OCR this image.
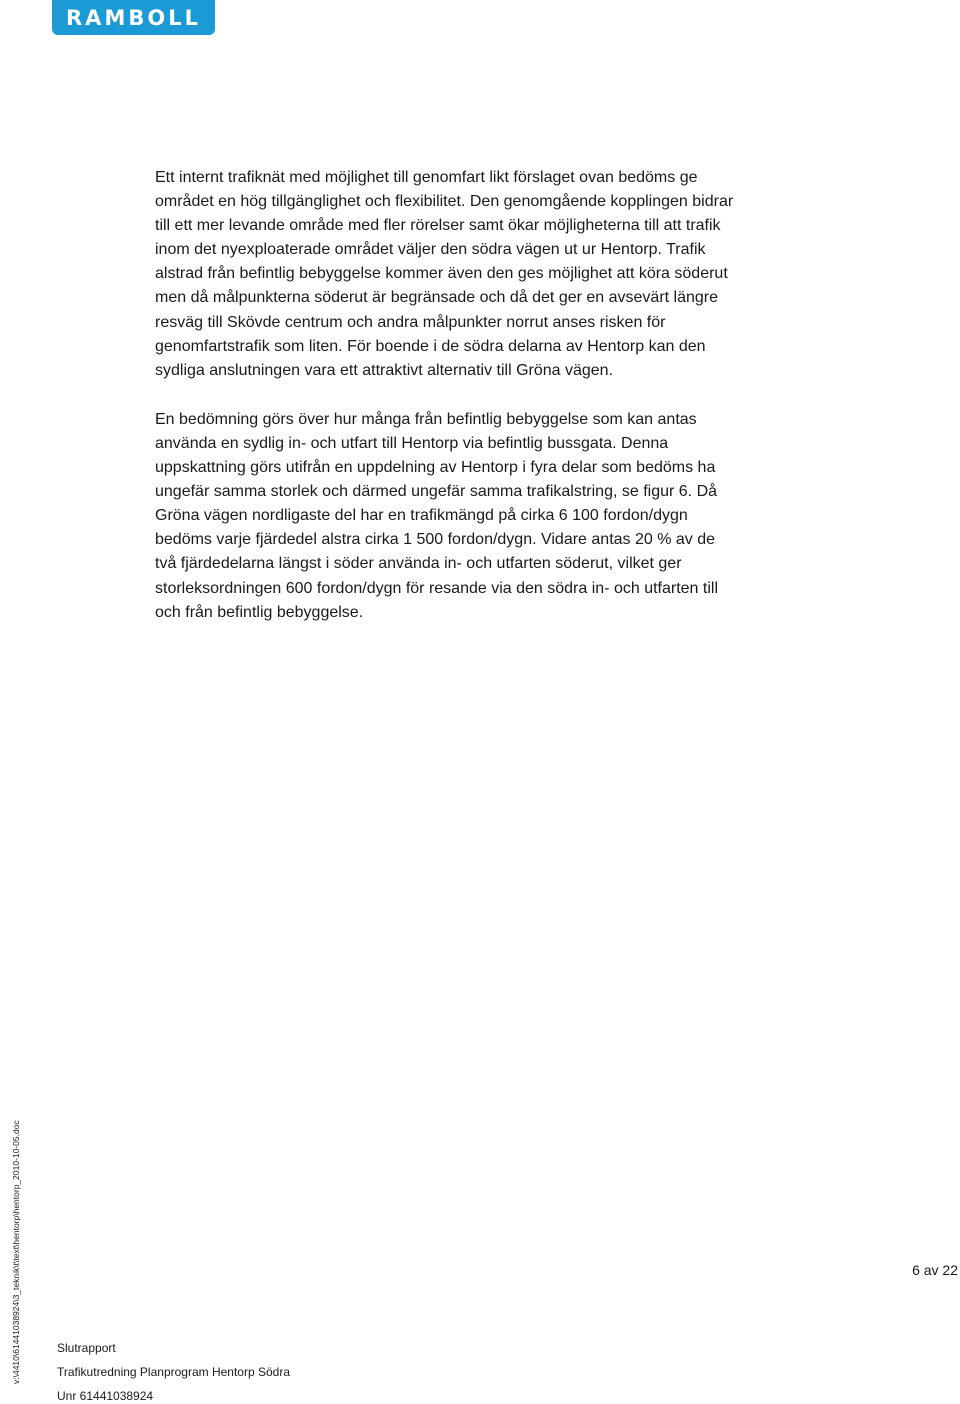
RAMBOLL

Ett internt trafiknät med möjlighet till genomfart likt förslaget ovan bedöms ge
området en hög tillgänglighet och flexibilitet. Den genomgående kopplingen bidrar
till ett mer levande område med fler rörelser samt ökar möjligheterna till att trafik
inom det nyexploaterade området väljer den södra vägen ut ur Hentorp. Trafik
alstrad från befintlig bebyggelse kommer även den ges möjlighet att köra söderut
men då målpunkterna söderut är begränsade och då det ger en avsevärt längre
resväg till Skövde centrum och andra målpunkter norrut anses risken för
genomfartstrafik som liten. För boende i de södra delarna av Hentorp kan den
sydliga anslutningen vara ett attraktivt alternativ till Gröna vägen.

En bedömning görs över hur många från befintlig bebyggelse som kan antas
använda en sydlig in- och utfart till Hentorp via befintlig bussgata. Denna
uppskattning görs utifrån en uppdelning av Hentorp i fyra delar som bedöms ha
ungefär samma storlek och därmed ungefär samma trafikalstring, se figur 6. Då
Gröna vägen nordligaste del har en trafikmängd på cirka 6 100 fordon/dygn
bedöms varje fjärdedel alstra cirka 1 500 fordon/dygn. Vidare antas 20 % av de
två fjärdedelarna längst i söder använda in- och utfarten söderut, vilket ger
storleksordningen 600 fordon/dygn för resande via den södra in- och utfarten till
och från befintlig bebyggelse.

v:\4410\61441038924\3_teknik\t\text\hentorp\hentorp_2010-10-05.doc	6 av 22
Slutrapport
Trafikutredning Planprogram Hentorp Södra
Unr 61441038924
